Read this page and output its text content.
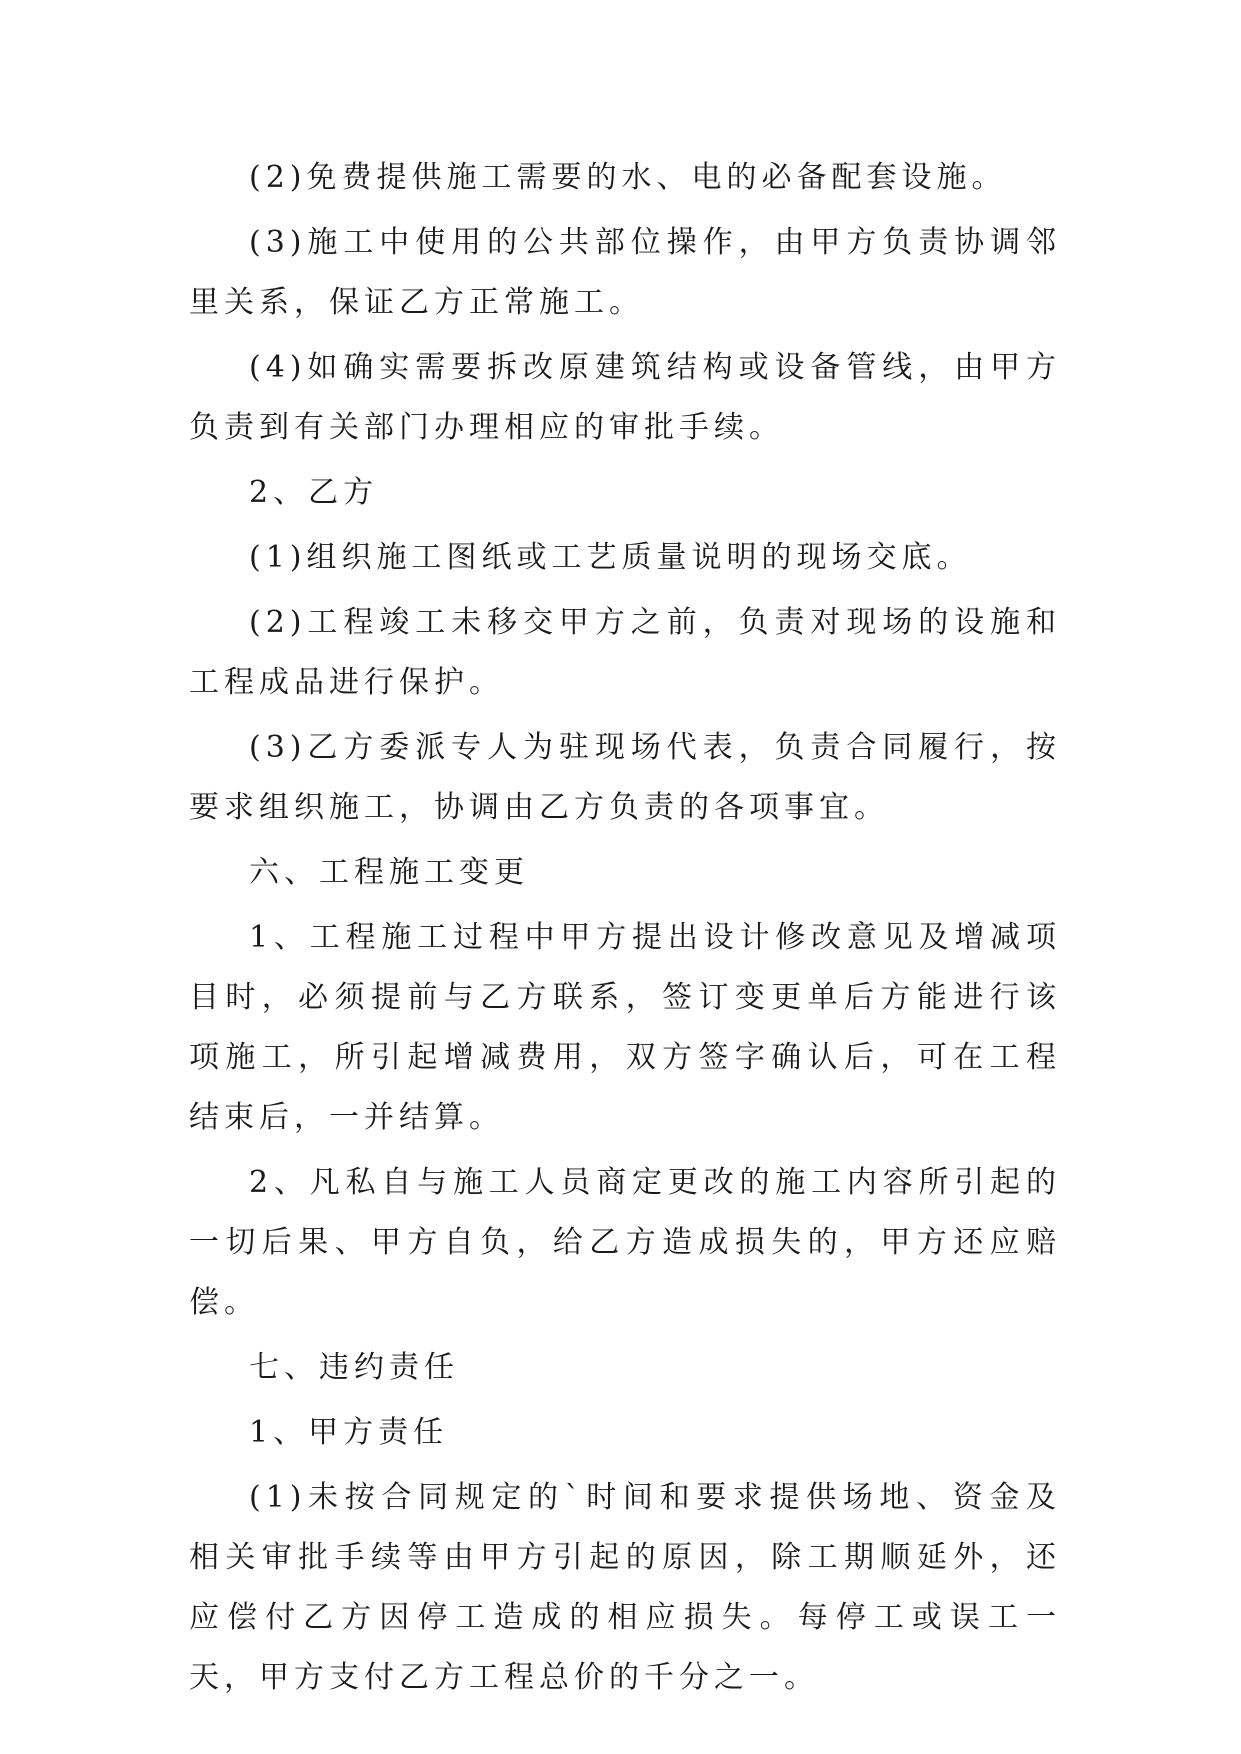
(2)免费提供施工需要的水、电的必备配套设施。

(3)施工中使用的公共部位操作，由甲方负责协调邻里关系，保证乙方正常施工。

(4)如确实需要拆改原建筑结构或设备管线，由甲方负责到有关部门办理相应的审批手续。

2、乙方

(1)组织施工图纸或工艺质量说明的现场交底。

(2)工程竣工未移交甲方之前，负责对现场的设施和工程成品进行保护。

(3)乙方委派专人为驻现场代表，负责合同履行，按要求组织施工，协调由乙方负责的各项事宜。

六、工程施工变更

1、工程施工过程中甲方提出设计修改意见及增减项目时，必须提前与乙方联系，签订变更单后方能进行该项施工，所引起增减费用，双方签字确认后，可在工程结束后，一并结算。

2、凡私自与施工人员商定更改的施工内容所引起的一切后果、甲方自负，给乙方造成损失的，甲方还应赔偿。

七、违约责任

1、甲方责任

(1)未按合同规定的`时间和要求提供场地、资金及相关审批手续等由甲方引起的原因，除工期顺延外，还应偿付乙方因停工造成的相应损失。每停工或误工一天，甲方支付乙方工程总价的千分之一。
